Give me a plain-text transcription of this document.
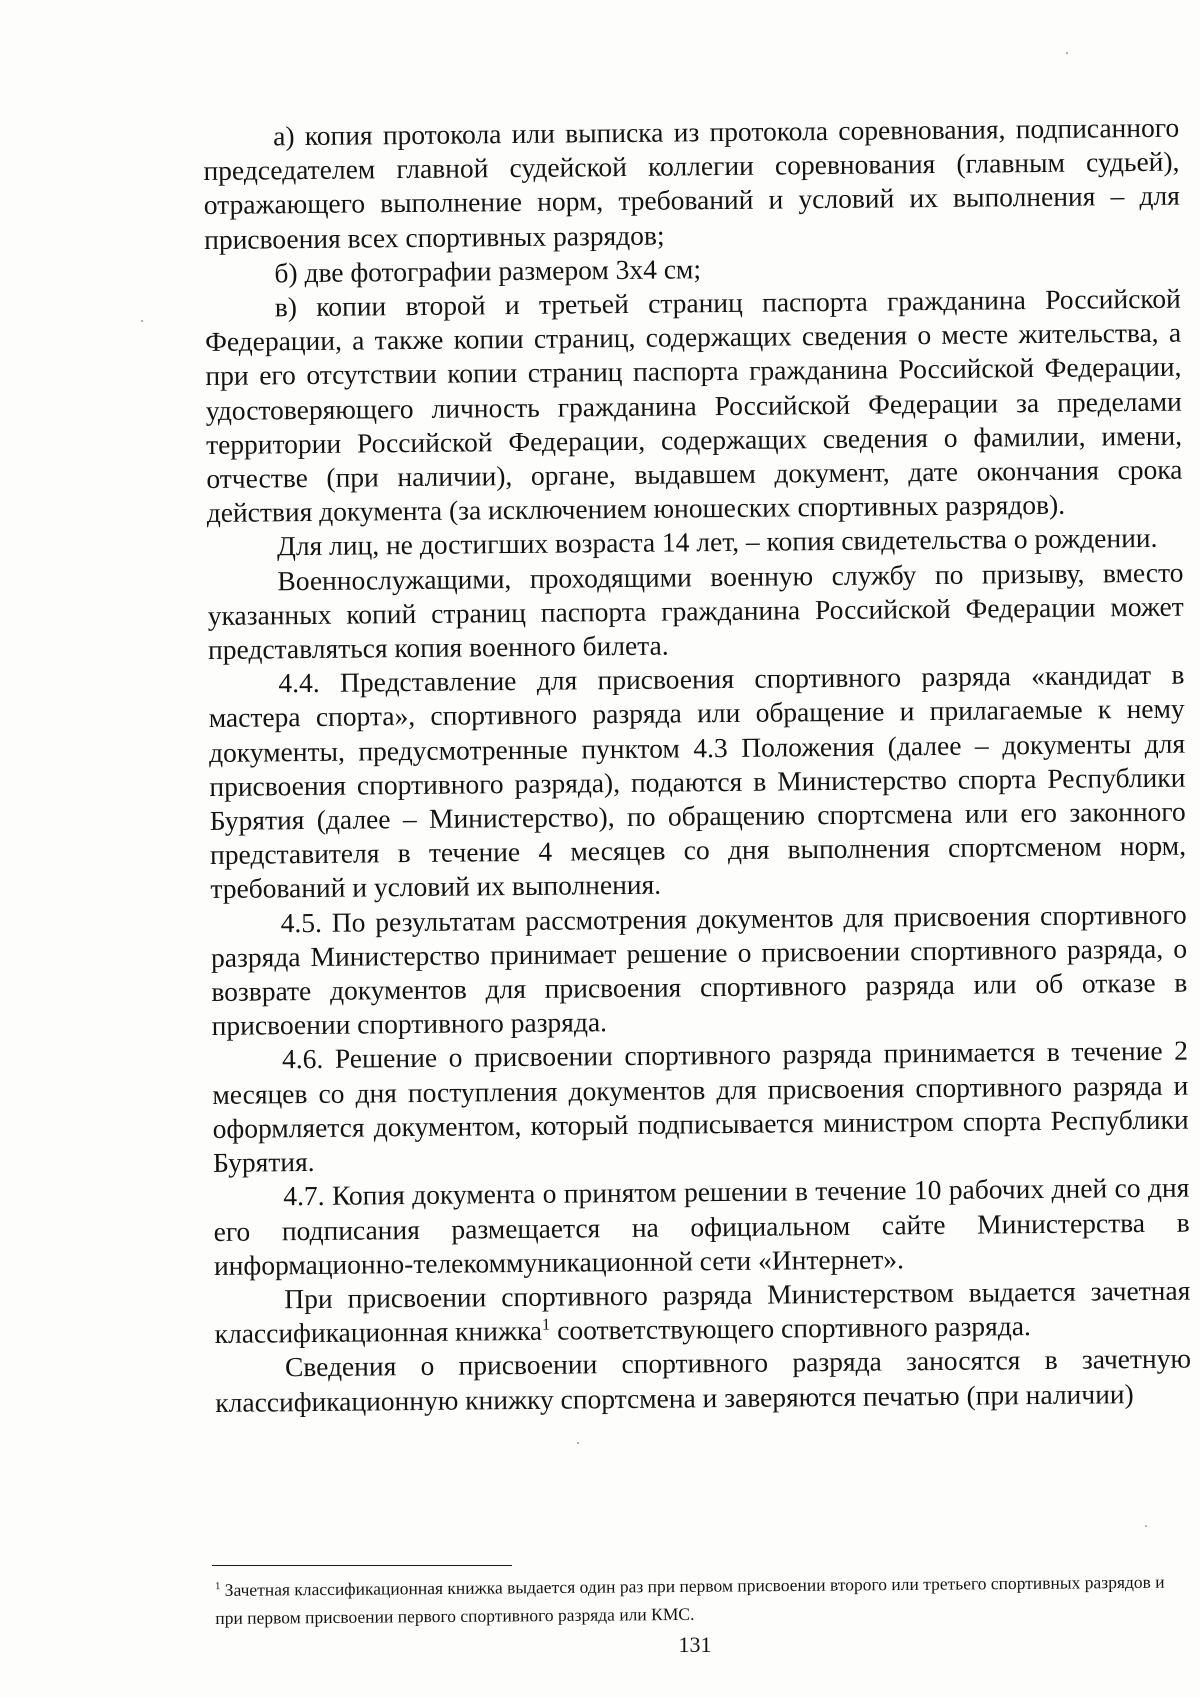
а) копия протокола или выписка из протокола соревнования, подписанного председателем главной судейской коллегии соревнования (главным судьей), отражающего выполнение норм, требований и условий их выполнения – для присвоения всех спортивных разрядов;

б) две фотографии размером 3х4 см;

в) копии второй и третьей страниц паспорта гражданина Российской Федерации, а также копии страниц, содержащих сведения о месте жительства, а при его отсутствии копии страниц паспорта гражданина Российской Федерации, удостоверяющего личность гражданина Российской Федерации за пределами территории Российской Федерации, содержащих сведения о фамилии, имени, отчестве (при наличии), органе, выдавшем документ, дате окончания срока действия документа (за исключением юношеских спортивных разрядов).

Для лиц, не достигших возраста 14 лет, – копия свидетельства о рождении.

Военнослужащими, проходящими военную службу по призыву, вместо указанных копий страниц паспорта гражданина Российской Федерации может представляться копия военного билета.

4.4. Представление для присвоения спортивного разряда «кандидат в мастера спорта», спортивного разряда или обращение и прилагаемые к нему документы, предусмотренные пунктом 4.3 Положения (далее – документы для присвоения спортивного разряда), подаются в Министерство спорта Республики Бурятия (далее – Министерство), по обращению спортсмена или его законного представителя в течение 4 месяцев со дня выполнения спортсменом норм, требований и условий их выполнения.

4.5. По результатам рассмотрения документов для присвоения спортивного разряда Министерство принимает решение о присвоении спортивного разряда, о возврате документов для присвоения спортивного разряда или об отказе в присвоении спортивного разряда.

4.6. Решение о присвоении спортивного разряда принимается в течение 2 месяцев со дня поступления документов для присвоения спортивного разряда и оформляется документом, который подписывается министром спорта Республики Бурятия.

4.7. Копия документа о принятом решении в течение 10 рабочих дней со дня его подписания размещается на официальном сайте Министерства в информационно-телекоммуникационной сети «Интернет».

При присвоении спортивного разряда Министерством выдается зачетная классификационная книжка$^1$ соответствующего спортивного разряда.

Сведения о присвоении спортивного разряда заносятся в зачетную классификационную книжку спортсмена и заверяются печатью (при наличии)

$^1$ Зачетная классификационная книжка выдается один раз при первом присвоении второго или третьего спортивных разрядов и при первом присвоении первого спортивного разряда или КМС.
131
